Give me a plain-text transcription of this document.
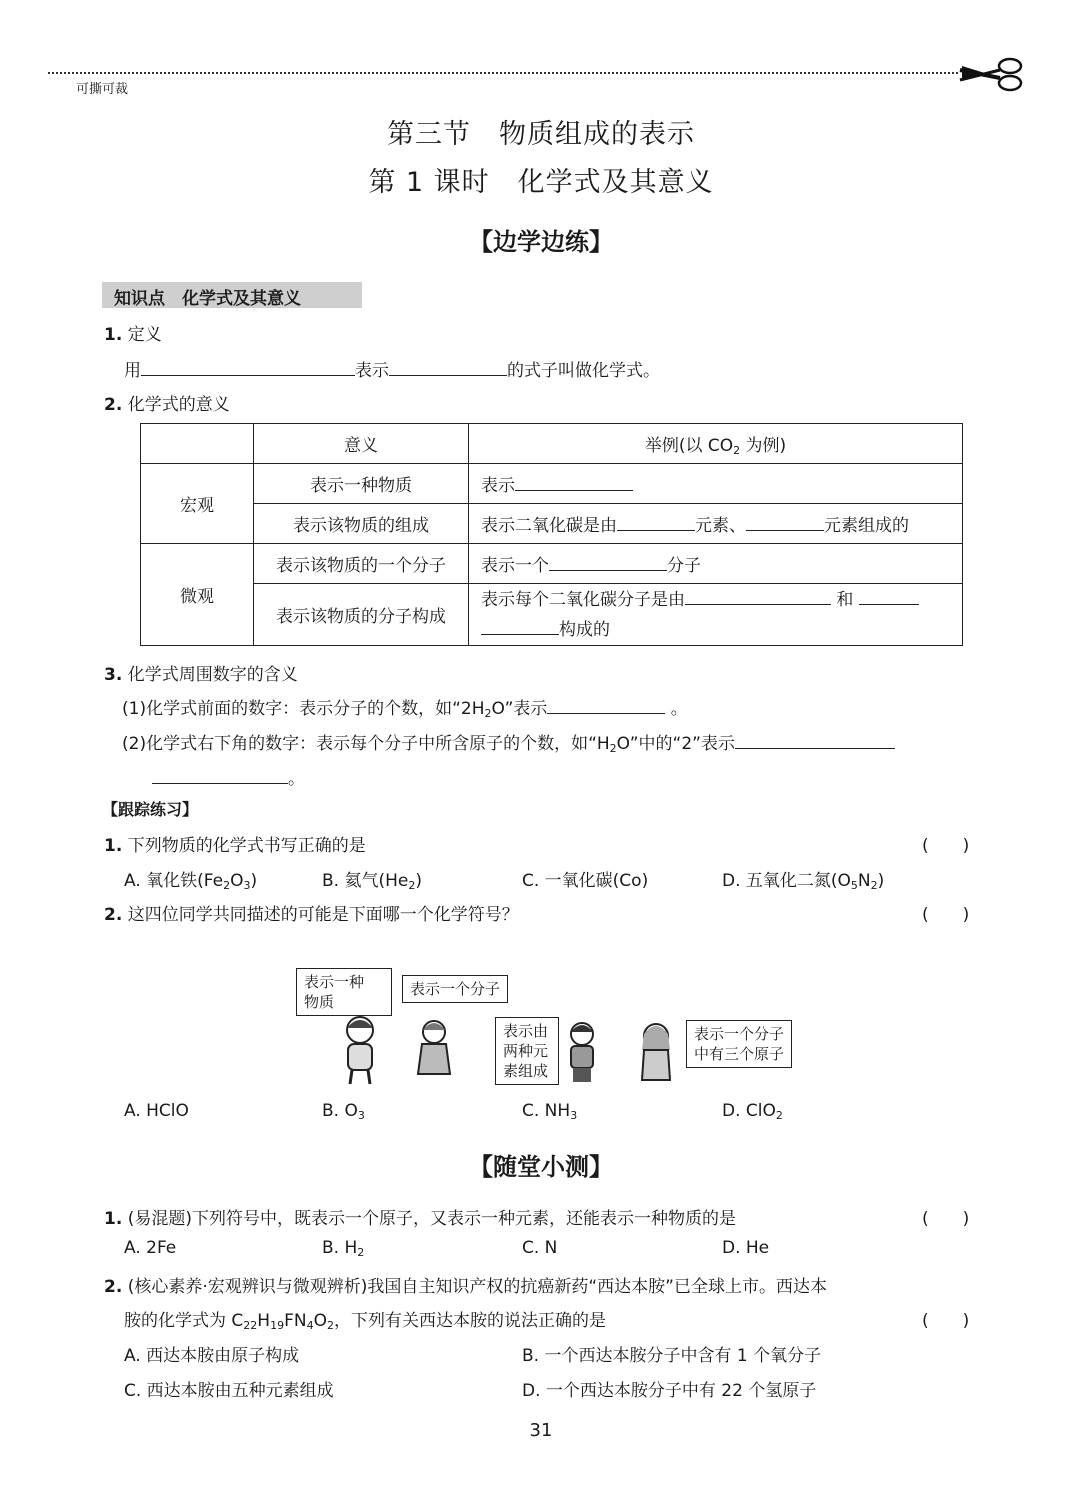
可撕可裁
第三节　物质组成的表示
第 1 课时　化学式及其意义
【边学边练】
知识点　化学式及其意义
1. 定义
用	表示	的式子叫做化学式。
2. 化学式的意义
	意义	举例(以 $CO_2$ 为例)
宏观	表示一种物质	表示
	表示该物质的组成	表示二氧化碳是由 元素、 元素组成的
微观	表示该物质的一个分子	表示一个 分子
	表示该物质的分子构成	表示每个二氧化碳分子是由 和
构成的
3. 化学式周围数字的含义
(1)化学式前面的数字：表示分子的个数，如“$2H_2O$”表示	。
(2)化学式右下角的数字：表示每个分子中所含原子的个数，如“$H_2O$”中的“2”表示
。
【跟踪练习】
1. 下列物质的化学式书写正确的是	(　　)
A. 氧化铁$(Fe_2O_3)$	B. 氦气$(He_2)$	C. 一氧化碳(Co)	D. 五氧化二氮$(O_5N_2)$
2. 这四位同学共同描述的可能是下面哪一个化学符号？	(　　)
表示一种
物质
表示一个分子
表示由
两种元
素组成
表示一个分子
中有三个原子
A. HClO	B. $O_3$	C. $NH_3$	D. ClO$_2$
【随堂小测】
1. (易混题)下列符号中，既表示一个原子，又表示一种元素，还能表示一种物质的是	(　　)
A. 2Fe	B. $H_2$	C. N	D. He
2. (核心素养·宏观辨识与微观辨析)我国自主知识产权的抗癌新药“西达本胺”已全球上市。西达本
胺的化学式为 $C_{22}H_{19}FN_4O_2$，下列有关西达本胺的说法正确的是	(　　)
A. 西达本胺由原子构成	B. 一个西达本胺分子中含有 1 个氧分子
C. 西达本胺由五种元素组成	D. 一个西达本胺分子中有 22 个氢原子
31
